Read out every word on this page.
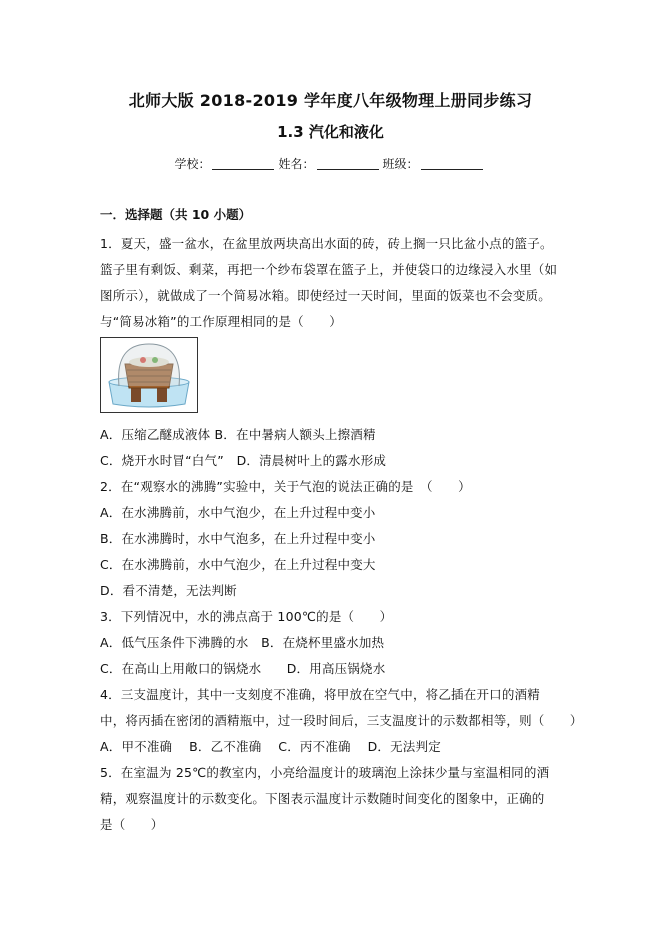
北师大版 2018-2019 学年度八年级物理上册同步练习
1.3 汽化和液化
学校：	姓名：	班级：
一．选择题（共 10 小题）
1．夏天，盛一盆水，在盆里放两块高出水面的砖，砖上搁一只比盆小点的篮子。
篮子里有剩饭、剩菜，再把一个纱布袋罩在篮子上，并使袋口的边缘浸入水里（如
图所示），就做成了一个简易冰箱。即使经过一天时间，里面的饭菜也不会变质。
与“简易冰箱”的工作原理相同的是（　　）
A．压缩乙醚成液体 B．在中暑病人额头上擦酒精
C．烧开水时冒“白气”　D．清晨树叶上的露水形成
2．在“观察水的沸腾”实验中，关于气泡的说法正确的是　（　　）
A．在水沸腾前，水中气泡少，在上升过程中变小
B．在水沸腾时，水中气泡多，在上升过程中变小
C．在水沸腾前，水中气泡少，在上升过程中变大
D．看不清楚，无法判断
3．下列情况中，水的沸点高于 100℃的是（　　）
A．低气压条件下沸腾的水　B．在烧杯里盛水加热
C．在高山上用敞口的锅烧水　　D．用高压锅烧水
4．三支温度计，其中一支刻度不准确，将甲放在空气中，将乙插在开口的酒精
中，将丙插在密闭的酒精瓶中，过一段时间后，三支温度计的示数都相等，则（　　）
A．甲不准确　 B．乙不准确　 C．丙不准确　 D．无法判定
5．在室温为 25℃的教室内，小亮给温度计的玻璃泡上涂抹少量与室温相同的酒
精，观察温度计的示数变化。下图表示温度计示数随时间变化的图象中，正确的
是（　　）
